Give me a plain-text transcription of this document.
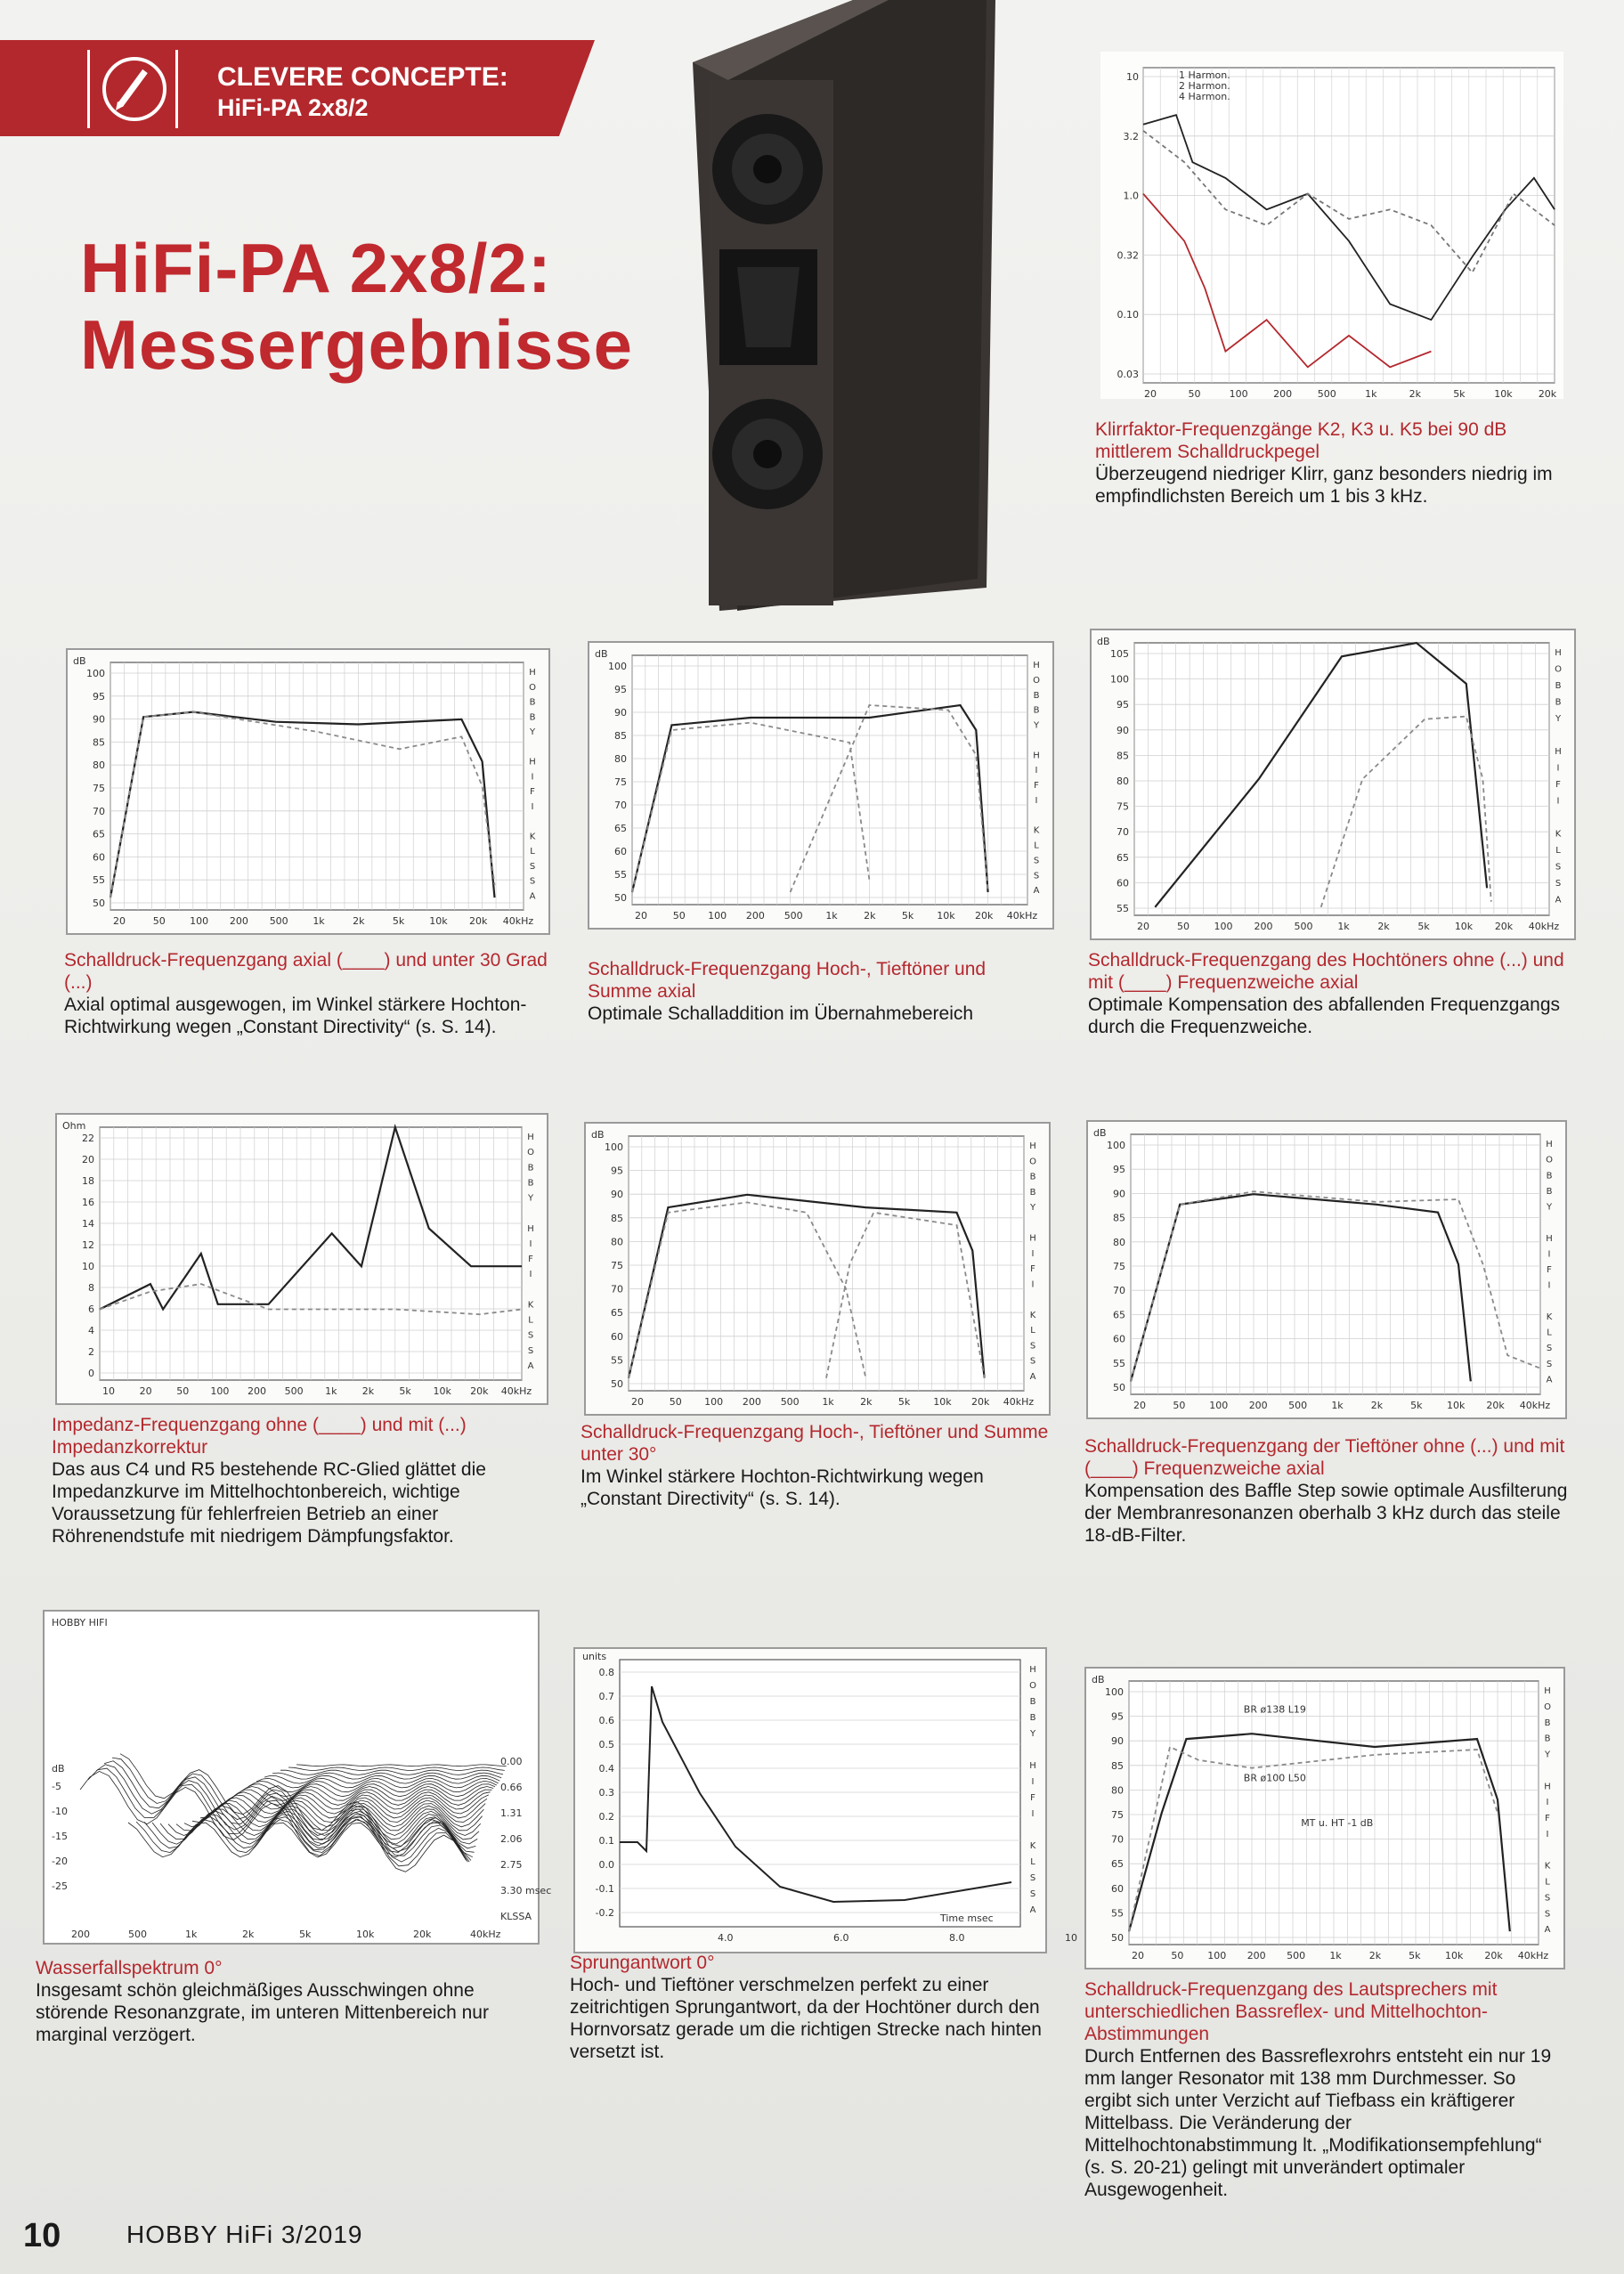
CLEVERE CONCEPTE:
HiFi-PA 2x8/2
HiFi-PA 2x8/2:
Messergebnisse
10
3.2
1.0
0.32
0.10
0.03
20	50	100	200	500	1k	2k	5k	10k	20k
1 Harmon.
2 Harmon.
4 Harmon.
Klirrfaktor-Frequenzgänge K2, K3 u. K5 bei 90 dB mittlerem Schalldruckpegel
Überzeugend niedriger Klirr, ganz besonders niedrig im empfindlichsten Bereich um 1 bis 3 kHz.
dB
100
95
90
85
80
75
70
65
60
55
50
20	50 100 200 500	1k	2k	5k	10k 20k 40kHz
H
O
B
B
Y
H
I
F
I
K
L
S
S
A
Schalldruck-Frequenzgang axial (____) und unter 30 Grad (...)
Axial optimal ausgewogen, im Winkel stärkere Hochton-Richtwirkung wegen „Constant Directivity“ (s. S. 14).
dB
100
95
90
85
80
75
70
65
60
55
50
20	50 100 200 500 1k	2k	5k 10k 20k 40kHz
H
O
B
B
Y
H
I
F
I
K
L
S
S
A
Schalldruck-Frequenzgang Hoch-, Tieftöner und Summe axial
Optimale Schalladdition im Übernahmebereich
dB
105
100
95
90
85
80
75
70
65
60
55
20	50	100 200 500	1k	2k	5k	10k 20k 40kHz
H
O
B
B
Y
H
I
F
I
K
L
S
S
A
Schalldruck-Frequenzgang des Hochtöners ohne (...) und mit (____) Frequenzweiche axial
Optimale Kompensation des abfallenden Frequenzgangs durch die Frequenzweiche.
Ohm
22
20
18
16
14
12
10
8
6
4
2
0
10	20	50 100 200 500 1k	2k	5k 10k 20k 40kHz
H
O
B
B
Y
H
I
F
I
K
L
S
S
A
Impedanz-Frequenzgang ohne (____) und mit (...) Impedanzkorrektur
Das aus C4 und R5 bestehende RC-Glied glättet die Impedanzkurve im Mittelhochtonbereich, wichtige Voraussetzung für fehlerfreien Betrieb an einer Röhrenendstufe mit niedrigem Dämpfungsfaktor.
dB
100
95
90
85
80
75
70
65
60
55
50
20	50 100 200 500 1k	2k	5k 10k 20k 40kHz
H
O
B
B
Y
H
I
F
I
K
L
S
S
A
Schalldruck-Frequenzgang Hoch-, Tieftöner und Summe unter 30°
Im Winkel stärkere Hochton-Richtwirkung wegen „Constant Directivity“ (s. S. 14).
dB
100
95
90
85
80
75
70
65
60
55
50
20	50 100 200 500 1k	2k	5k	10k 20k 40kHz
H
O
B
B
Y
H
I
F
I
K
L
S
S
A
Schalldruck-Frequenzgang der Tieftöner ohne (...) und mit (____) Frequenzweiche axial
Kompensation des Baffle Step sowie optimale Ausfilterung der Membranresonanzen oberhalb 3 kHz durch das steile 18-dB-Filter.
HOBBY HIFI
dB
-5
-10
-15
-20
-25
200	500	1k	2k	5k	10k	20k	40kHz
0.00
0.66
1.31
2.06
2.75
3.30 msec
KLSSA
Wasserfallspektrum 0°
Insgesamt schön gleichmäßiges Ausschwingen ohne störende Resonanzgrate, im unteren Mittenbereich nur marginal verzögert.
units
0.8
0.7
0.6
0.5
0.4
0.3
0.2
0.1
0.0
-0.1
-0.2
4.0	6.0	8.0	10
Time msec
H
O
B
B
Y
H
I
F
I
K
L
S
S
A
Sprungantwort 0°
Hoch- und Tieftöner verschmelzen perfekt zu einer zeitrichtigen Sprungantwort, da der Hochtöner durch den Hornvorsatz gerade um die richtigen Strecke nach hinten versetzt ist.
dB
100
95
90
85
80
75
70
65
60
55
50
20	50 100 200 500 1k	2k	5k	10k 20k 40kHz
H
O
B
B
Y
H
I
F
I
K
L
S
S
A
BR ø138 L19
BR ø100 L50
MT u. HT -1 dB
Schalldruck-Frequenzgang des Lautsprechers mit unterschiedlichen Bassreflex- und Mittelhochton-Abstimmungen
Durch Entfernen des Bassreflexrohrs entsteht ein nur 19 mm langer Resonator mit 138 mm Durchmesser. So ergibt sich unter Verzicht auf Tiefbass ein kräftigerer Mittelbass. Die Veränderung der Mittelhochtonabstimmung lt. „Modifikationsempfehlung“ (s. S. 20-21) gelingt mit unverändert optimaler Ausgewogenheit.
10	HOBBY HiFi 3/2019
